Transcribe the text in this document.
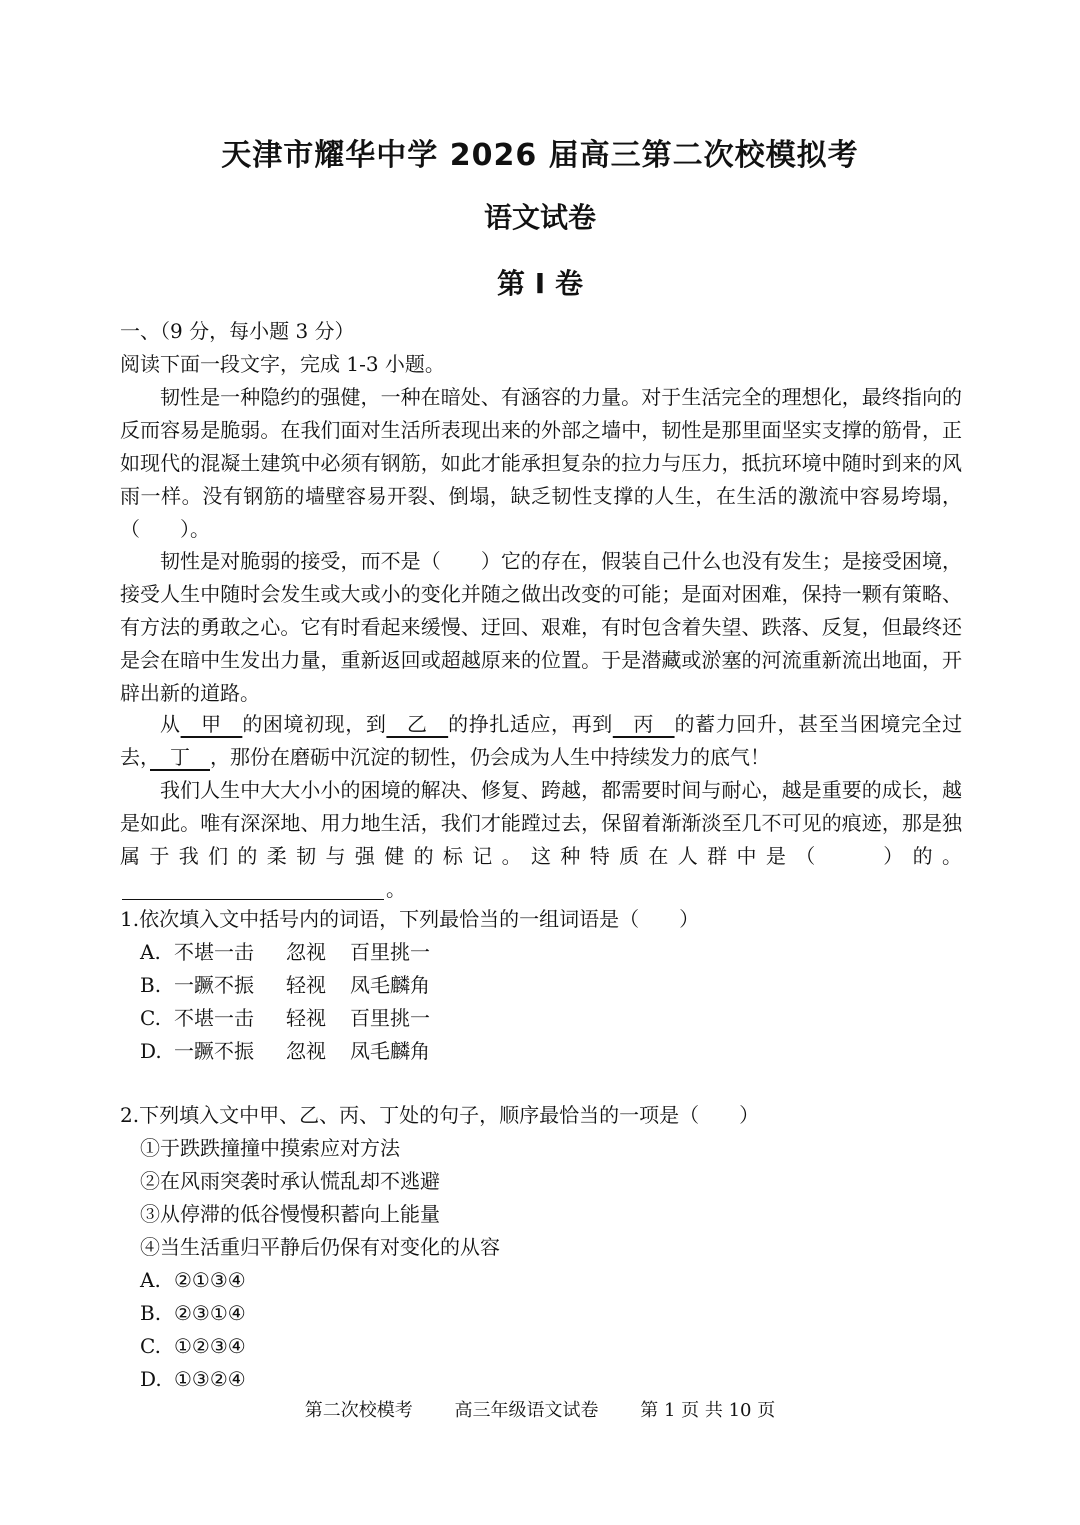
天津市耀华中学 2026 届高三第二次校模拟考
语文试卷
第 I 卷
一、（9 分，每小题 3 分）
阅读下面一段文字，完成 1-3 小题。
韧性是一种隐约的强健，一种在暗处、有涵容的力量。对于生活完全的理想化，最终指向的反而容易是脆弱。在我们面对生活所表现出来的外部之墙中，韧性是那里面坚实支撑的筋骨，正如现代的混凝土建筑中必须有钢筋，如此才能承担复杂的拉力与压力，抵抗环境中随时到来的风雨一样。没有钢筋的墙壁容易开裂、倒塌，缺乏韧性支撑的人生，在生活的激流中容易垮塌，（　　）。
韧性是对脆弱的接受，而不是（　　）它的存在，假装自己什么也没有发生；是接受困境，接受人生中随时会发生或大或小的变化并随之做出改变的可能；是面对困难，保持一颗有策略、有方法的勇敢之心。它有时看起来缓慢、迂回、艰难，有时包含着失望、跌落、反复，但最终还是会在暗中生发出力量，重新返回或超越原来的位置。于是潜藏或淤塞的河流重新流出地面，开辟出新的道路。
从　甲　的困境初现，到　乙　的挣扎适应，再到　丙　的蓄力回升，甚至当困境完全过去，　丁　，那份在磨砺中沉淀的韧性，仍会成为人生中持续发力的底气！
我们人生中大大小小的困境的解决、修复、跨越，都需要时间与耐心，越是重要的成长，越是如此。唯有深深地、用力地生活，我们才能蹚过去，保留着渐渐淡至几不可见的痕迹，那是独属于我们的柔韧与强健的标记。这种特质在人群中是（　　）的。。
1.依次填入文中括号内的词语，下列最恰当的一组词语是（　　）
A. 不堪一击 忽视 百里挑一
B. 一蹶不振 轻视 凤毛麟角
C. 不堪一击 轻视 百里挑一
D. 一蹶不振 忽视 凤毛麟角
2.下列填入文中甲、乙、丙、丁处的句子，顺序最恰当的一项是（　　）
①于跌跌撞撞中摸索应对方法
②在风雨突袭时承认慌乱却不逃避
③从停滞的低谷慢慢积蓄向上能量
④当生活重归平静后仍保有对变化的从容
A. ②①③④
B. ②③①④
C. ①②③④
D. ①③②④
第二次校模考 高三年级语文试卷 第 1 页 共 10 页
